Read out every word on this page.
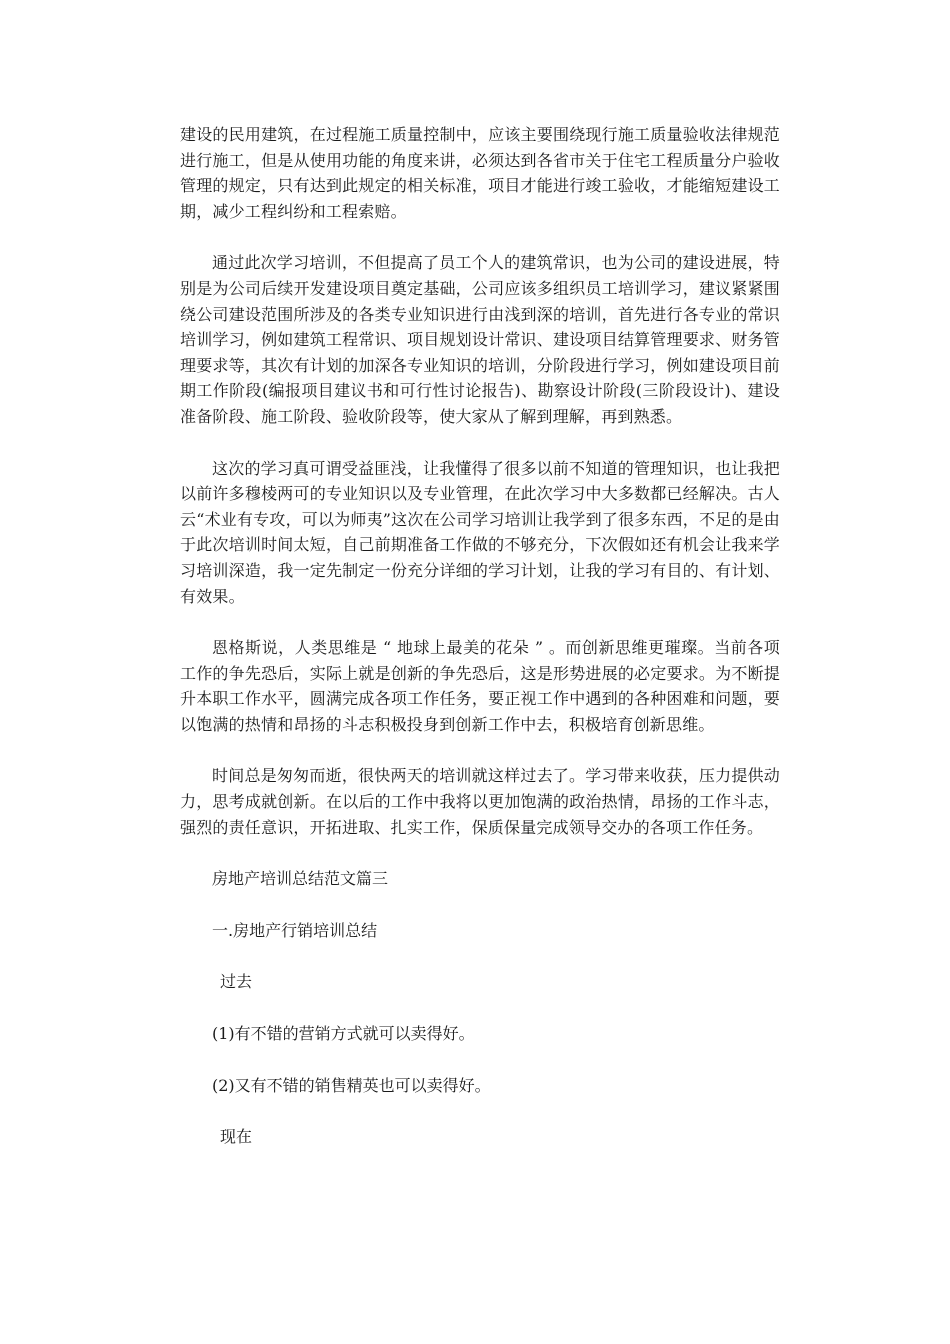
建设的民用建筑，在过程施工质量控制中，应该主要围绕现行施工质量验收法律规范进行施工，但是从使用功能的角度来讲，必须达到各省市关于住宅工程质量分户验收管理的规定，只有达到此规定的相关标准，项目才能进行竣工验收，才能缩短建设工期，减少工程纠纷和工程索赔。

通过此次学习培训，不但提高了员工个人的建筑常识，也为公司的建设进展，特别是为公司后续开发建设项目奠定基础，公司应该多组织员工培训学习，建议紧紧围绕公司建设范围所涉及的各类专业知识进行由浅到深的培训，首先进行各专业的常识培训学习，例如建筑工程常识、项目规划设计常识、建设项目结算管理要求、财务管理要求等，其次有计划的加深各专业知识的培训，分阶段进行学习，例如建设项目前期工作阶段(编报项目建议书和可行性讨论报告)、勘察设计阶段(三阶段设计)、建设准备阶段、施工阶段、验收阶段等，使大家从了解到理解，再到熟悉。

这次的学习真可谓受益匪浅，让我懂得了很多以前不知道的管理知识，也让我把以前许多穆棱两可的专业知识以及专业管理，在此次学习中大多数都已经解决。古人云“术业有专攻，可以为师夷”这次在公司学习培训让我学到了很多东西，不足的是由于此次培训时间太短，自己前期准备工作做的不够充分，下次假如还有机会让我来学习培训深造，我一定先制定一份充分详细的学习计划，让我的学习有目的、有计划、有效果。

恩格斯说，人类思维是 “ 地球上最美的花朵 ” 。而创新思维更璀璨。当前各项工作的争先恐后，实际上就是创新的争先恐后，这是形势进展的必定要求。为不断提升本职工作水平，圆满完成各项工作任务，要正视工作中遇到的各种困难和问题，要以饱满的热情和昂扬的斗志积极投身到创新工作中去，积极培育创新思维。

时间总是匆匆而逝，很快两天的培训就这样过去了。学习带来收获，压力提供动力，思考成就创新。在以后的工作中我将以更加饱满的政治热情，昂扬的工作斗志，强烈的责任意识，开拓进取、扎实工作，保质保量完成领导交办的各项工作任务。

房地产培训总结范文篇三

一.房地产行销培训总结

过去

(1)有不错的营销方式就可以卖得好。

(2)又有不错的销售精英也可以卖得好。

现在
